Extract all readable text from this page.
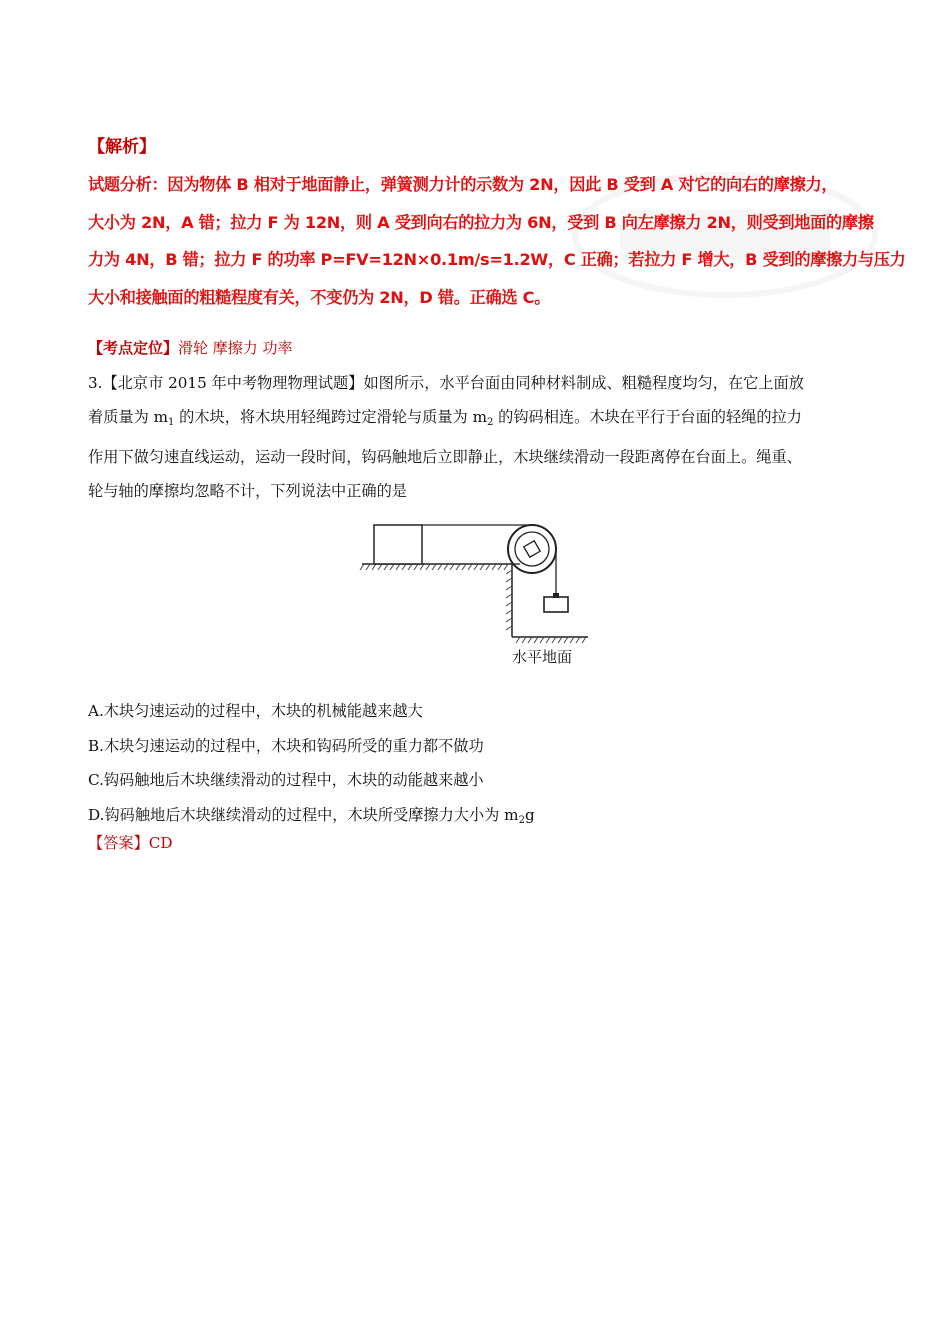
【解析】

试题分析：因为物体 B 相对于地面静止，弹簧测力计的示数为 2N，因此 B 受到 A 对它的向右的摩擦力，

大小为 2N，A 错；拉力 F 为 12N，则 A 受到向右的拉力为 6N，受到 B 向左摩擦力 2N，则受到地面的摩擦

力为 4N，B 错；拉力 F 的功率 P=FV=12N×0.1m/s=1.2W，C 正确；若拉力 F 增大，B 受到的摩擦力与压力

大小和接触面的粗糙程度有关，不变仍为 2N，D 错。正确选 C。

【考点定位】滑轮 摩擦力 功率

3.【北京市 2015 年中考物理物理试题】如图所示，水平台面由同种材料制成、粗糙程度均匀，在它上面放

着质量为 $m_1$ 的木块，将木块用轻绳跨过定滑轮与质量为 $m_2$ 的钩码相连。木块在平行于台面的轻绳的拉力

作用下做匀速直线运动，运动一段时间，钩码触地后立即静止，木块继续滑动一段距离停在台面上。绳重、

轮与轴的摩擦均忽略不计，下列说法中正确的是

水平地面

A.木块匀速运动的过程中，木块的机械能越来越大

B.木块匀速运动的过程中，木块和钩码所受的重力都不做功

C.钩码触地后木块继续滑动的过程中，木块的动能越来越小

D.钩码触地后木块继续滑动的过程中，木块所受摩擦力大小为 $m_2g$

【答案】CD
